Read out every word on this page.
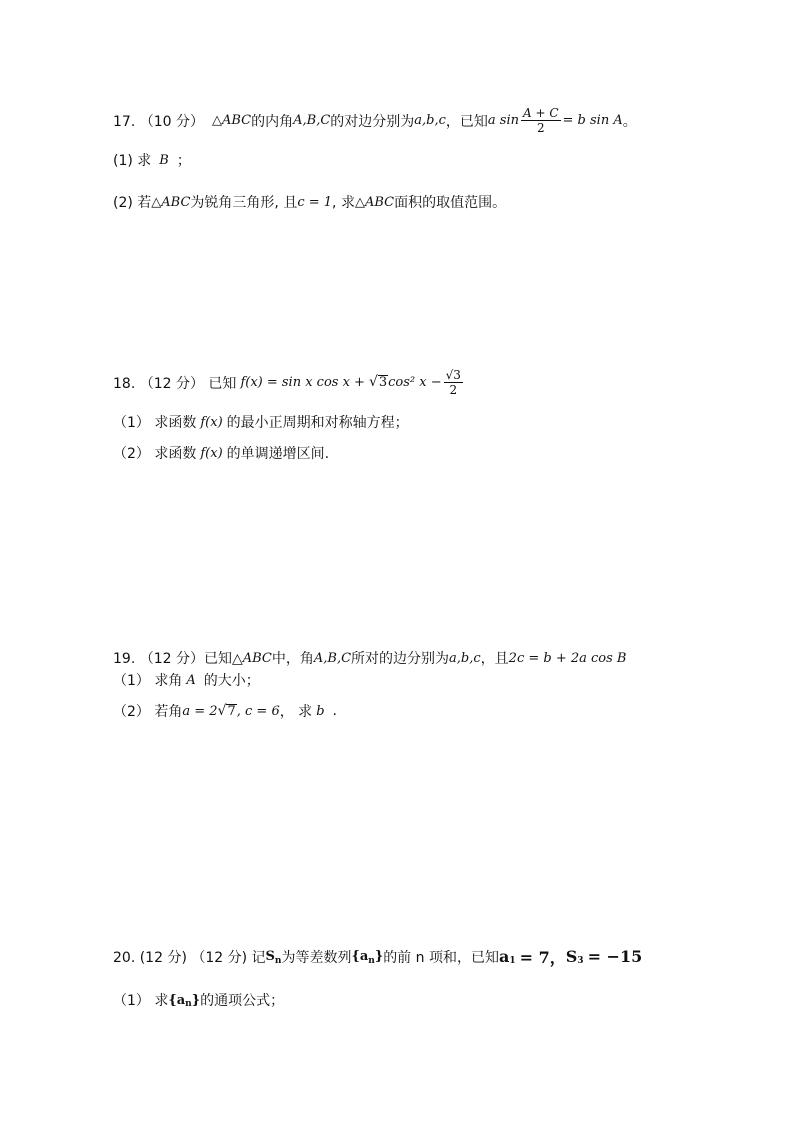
17. （10 分） △ABC 的内角 A,B,C 的对边分别为 a,b,c ，已知 a $\sin \frac{A + C}{2} = b$ sin A 。
(1) 求 B ；
(2) 若 △ABC 为锐角三角形, 且 c = 1 , 求 △ABC 面积的取值范围。
18. （12 分） 已知 f(x) = sin x cos x + √ 3 cos² $x - \frac{√3}{2}$
（1） 求函数 f(x) 的最小正周期和对称轴方程；
（2） 求函数 f(x) 的单调递增区间.
19. （12 分）已知△ ABC 中，角 A,B,C 所对的边分别为 a,b,c ，且 2c = b + 2a cos B
（1） 求角 A 的大小；
（2） 若角 a = 2 √ 7 , c = 6 ， 求 b .
20. (12 分) （12 分) 记 S n 为等差数列 {a n } 的前 n 项和，已知 a 1 = 7， S 3 = −15
（1） 求 {a n } 的通项公式；
